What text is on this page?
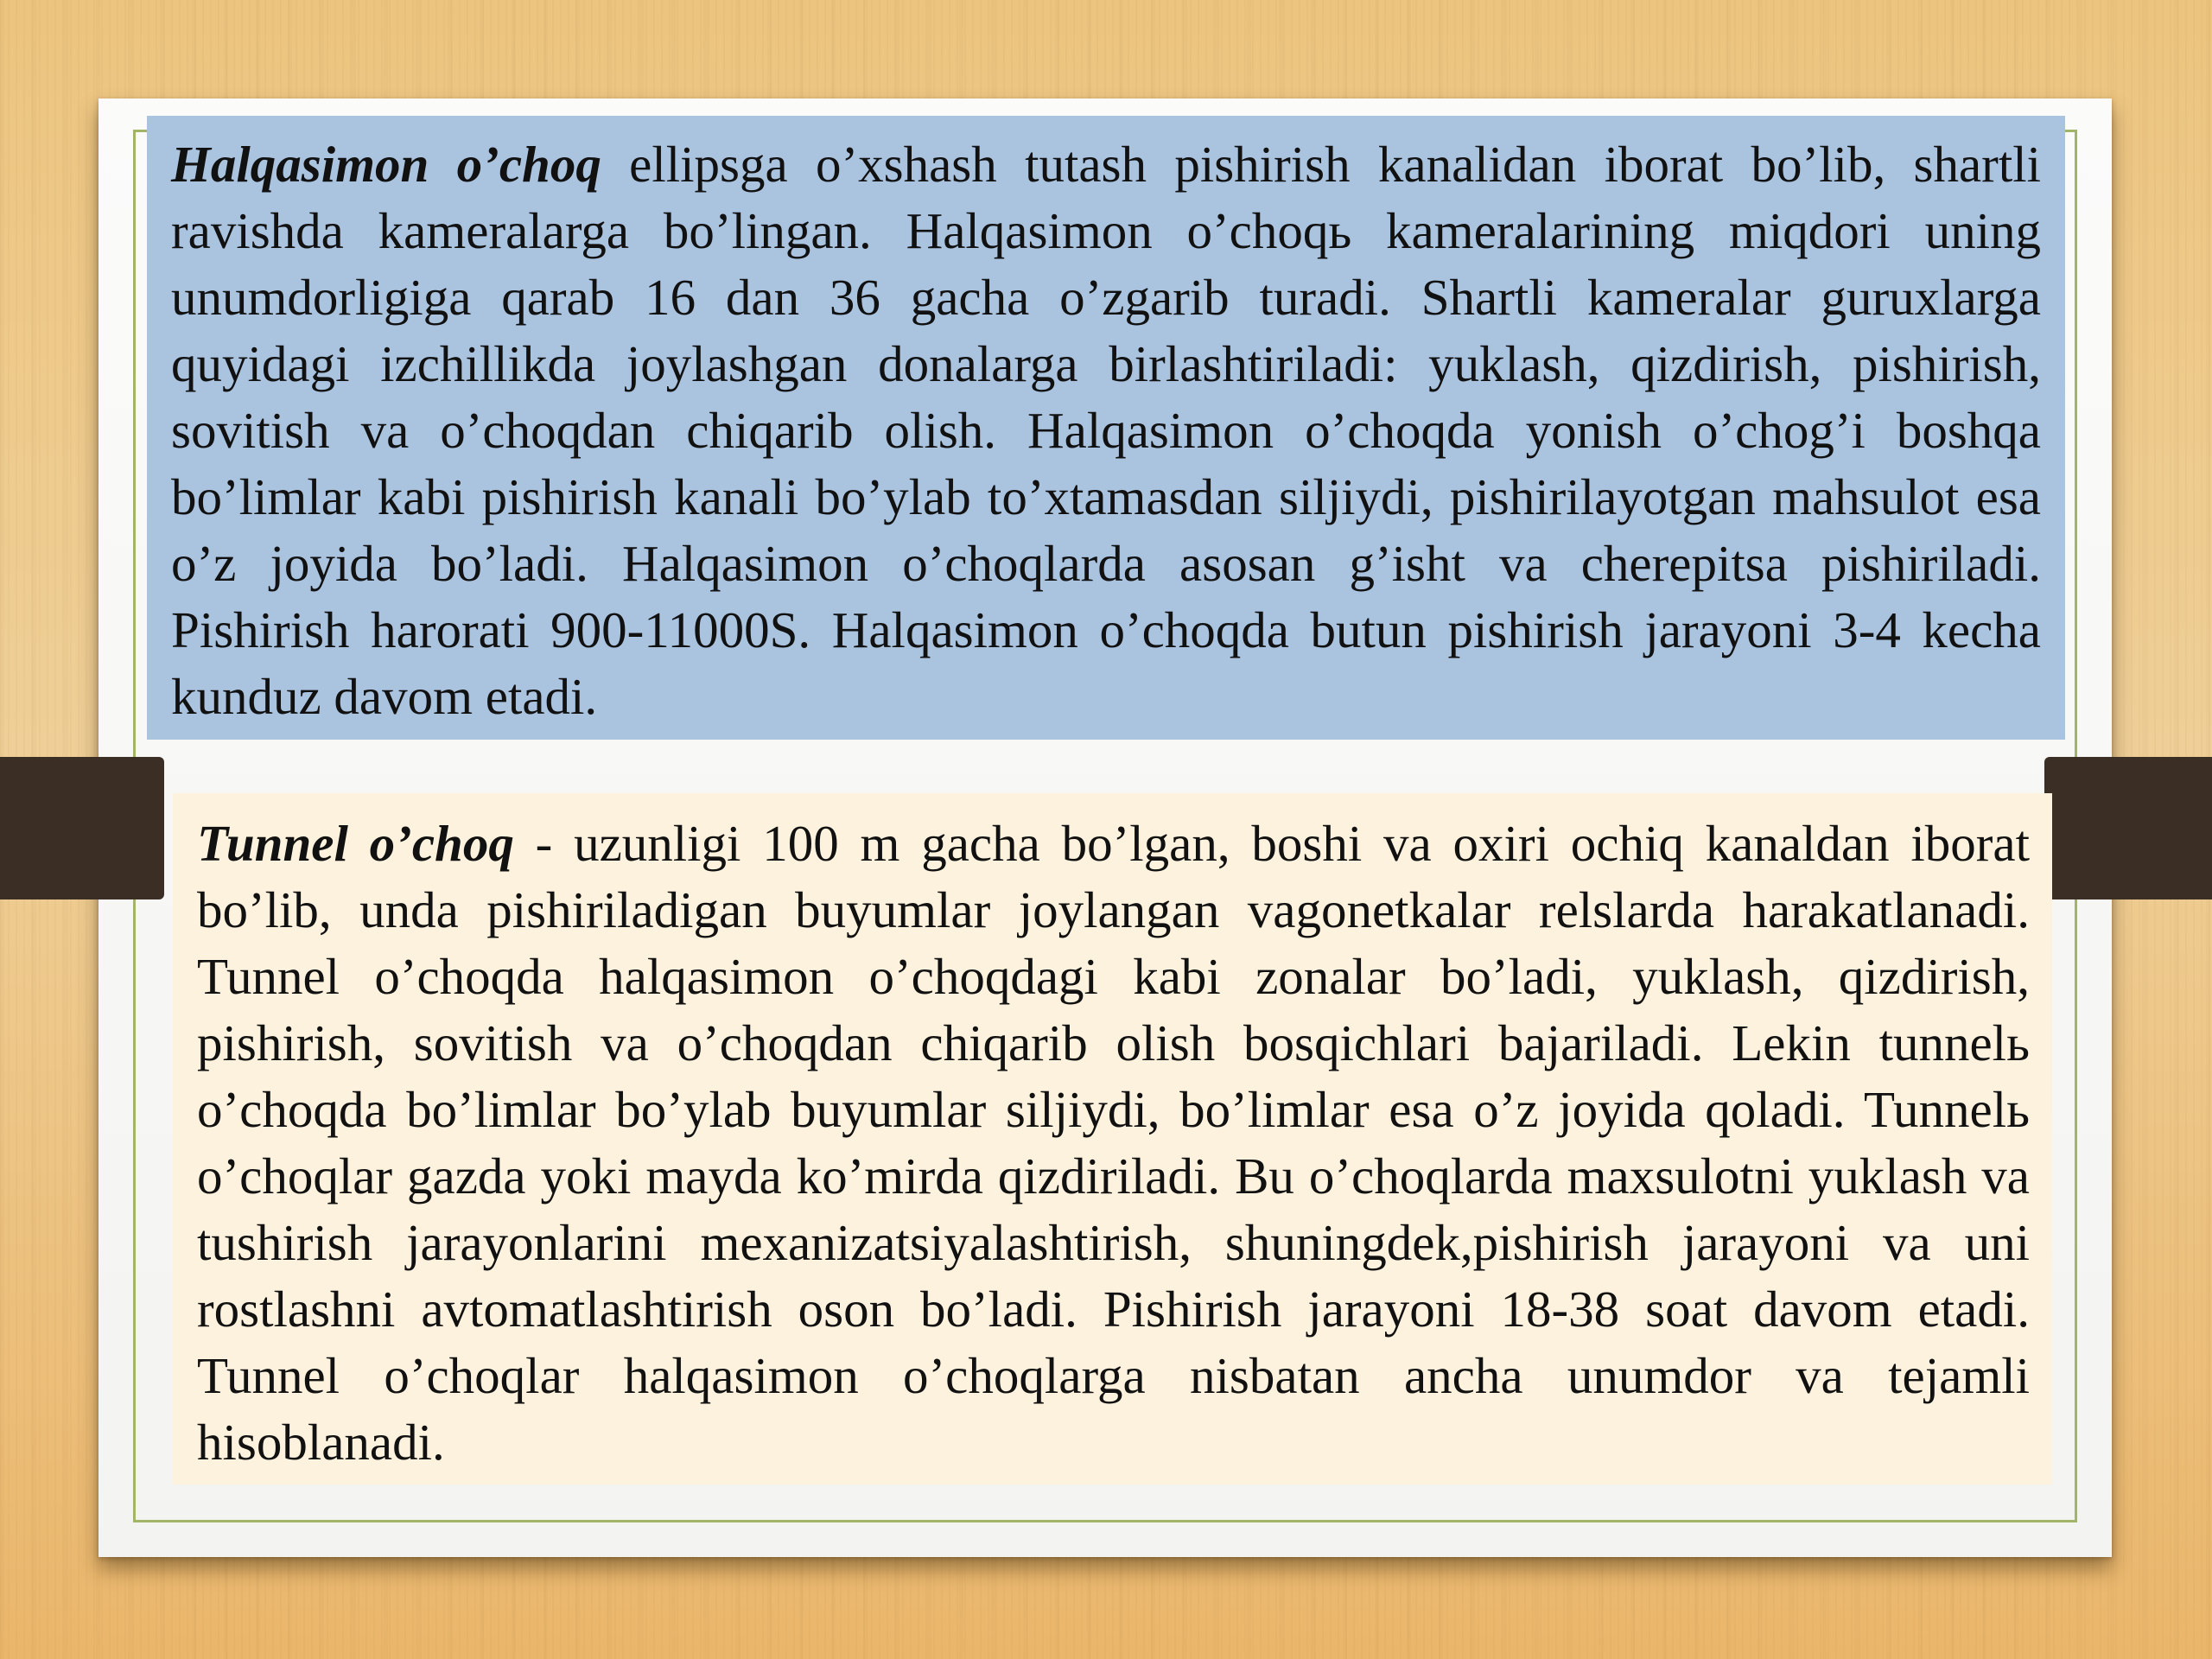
Halqasimon o’choq ellipsga o’xshash tutash pishirish kanalidan iborat bo’lib, shartli ravishda kameralarga bo’lingan. Halqasimon o’choqь kameralarining miqdori uning unumdorligiga qarab 16 dan 36 gacha o’zgarib turadi. Shartli kameralar guruxlarga quyidagi izchillikda joylashgan donalarga birlashtiriladi: yuklash, qizdirish, pishirish, sovitish va o’choqdan chiqarib olish. Halqasimon o’choqda yonish o’chog’i boshqa bo’limlar kabi pishirish kanali bo’ylab to’xtamasdan siljiydi, pishirilayotgan mahsulot esa o’z joyida bo’ladi. Halqasimon o’choqlarda asosan g’isht va cherepitsa pishiriladi. Pishirish harorati 900-11000S. Halqasimon o’choqda butun pishirish jarayoni 3-4 kecha kunduz davom etadi.

Tunnel o’choq - uzunligi 100 m gacha bo’lgan, boshi va oxiri ochiq kanaldan iborat bo’lib, unda pishiriladigan buyumlar joylangan vagonetkalar relslarda harakatlanadi. Tunnel o’choqda halqasimon o’choqdagi kabi zonalar bo’ladi, yuklash, qizdirish, pishirish, sovitish va o’choqdan chiqarib olish bosqichlari bajariladi. Lekin tunnelь o’choqda bo’limlar bo’ylab buyumlar siljiydi, bo’limlar esa o’z joyida qoladi. Tunnelь o’choqlar gazda yoki mayda ko’mirda qizdiriladi. Bu o’choqlarda maxsulotni yuklash va tushirish jarayonlarini mexanizatsiyalashtirish, shuningdek,pishirish jarayoni va uni rostlashni avtomatlashtirish oson bo’ladi. Pishirish jarayoni 18-38 soat davom etadi. Tunnel o’choqlar halqasimon o’choqlarga nisbatan ancha unumdor va tejamli hisoblanadi.
